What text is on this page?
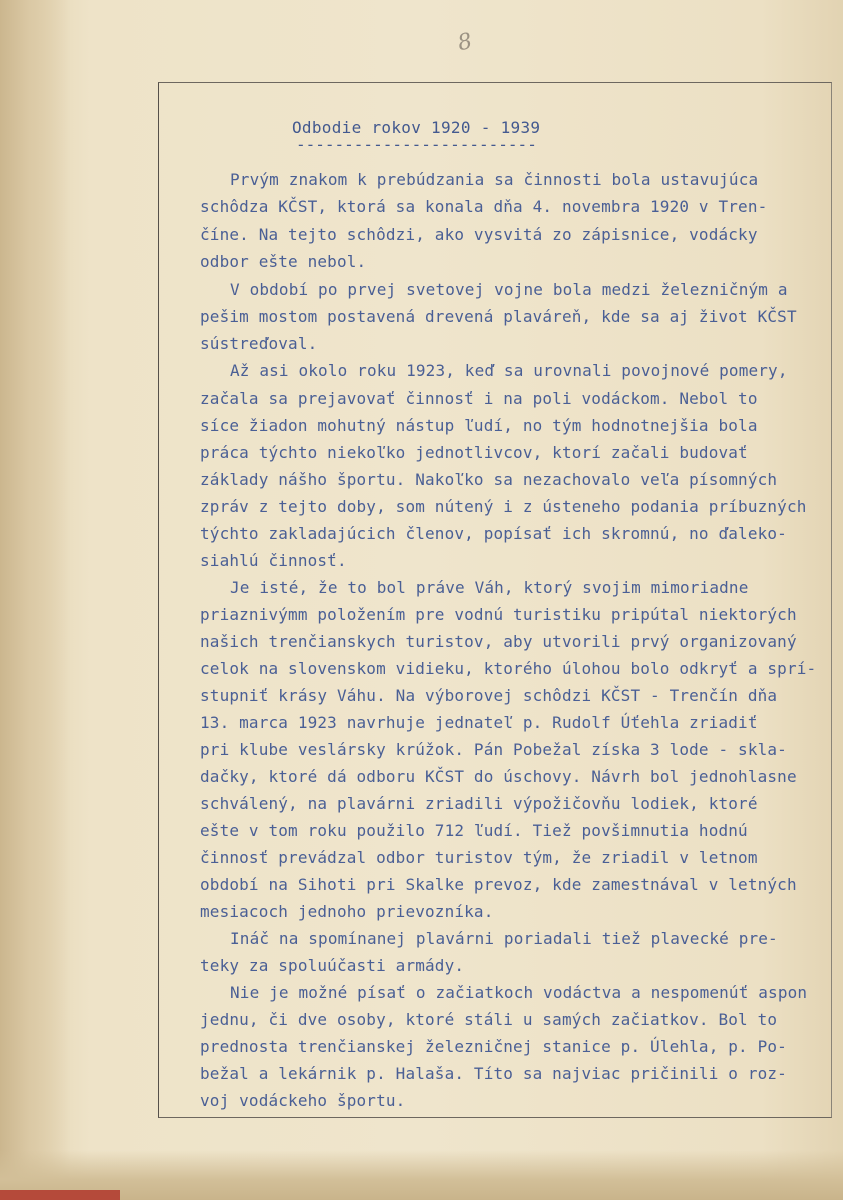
8
Odbodie rokov 1920 - 1939
-------------------------
Prvým znakom k prebúdzania sa činnosti bola ustavujúca
schôdza KČST, ktorá sa konala dňa 4. novembra 1920 v Tren-
číne. Na tejto schôdzi, ako vysvitá zo zápisnice, vodácky
odbor ešte nebol.
V období po prvej svetovej vojne bola medzi železničným a
pešim mostom postavená drevená plaváreň, kde sa aj život KČST
sústreďoval.
Až asi okolo roku 1923, keď sa urovnali povojnové pomery,
začala sa prejavovať činnosť i na poli vodáckom. Nebol to
síce žiadon mohutný nástup ľudí, no tým hodnotnejšia bola
práca týchto niekoľko jednotlivcov, ktorí začali budovať
základy nášho športu. Nakoľko sa nezachovalo veľa písomných
zpráv z tejto doby, som nútený i z ústeneho podania príbuzných
týchto zakladajúcich členov, popísať ich skromnú, no ďaleko-
siahlú činnosť.
Je isté, že to bol práve Váh, ktorý svojim mimoriadne
priaznivýmm položením pre vodnú turistiku pripútal niektorých
našich trenčianskych turistov, aby utvorili prvý organizovaný
celok na slovenskom vidieku, ktorého úlohou bolo odkryť a sprí-
stupniť krásy Váhu. Na výborovej schôdzi KČST - Trenčín dňa
13. marca 1923 navrhuje jednateľ p. Rudolf Úťehla zriadiť
pri klube veslársky krúžok. Pán Pobežal získa 3 lode - skla-
dačky, ktoré dá odboru KČST do úschovy. Návrh bol jednohlasne
schválený, na plavárni zriadili výpožičovňu lodiek, ktoré
ešte v tom roku použilo 712 ľudí. Tiež povšimnutia hodnú
činnosť prevádzal odbor turistov tým, že zriadil v letnom
období na Sihoti pri Skalke prevoz, kde zamestnával v letných
mesiacoch jednoho prievozníka.
Ináč na spomínanej plavárni poriadali tiež plavecké pre-
teky za spoluúčasti armády.
Nie je možné písať o začiatkoch vodáctva a nespomenúť aspon
jednu, či dve osoby, ktoré stáli u samých začiatkov. Bol to
prednosta trenčianskej železničnej stanice p. Úlehla, p. Po-
bežal a lekárnik p. Halaša. Títo sa najviac pričinili o roz-
voj vodáckeho športu.
